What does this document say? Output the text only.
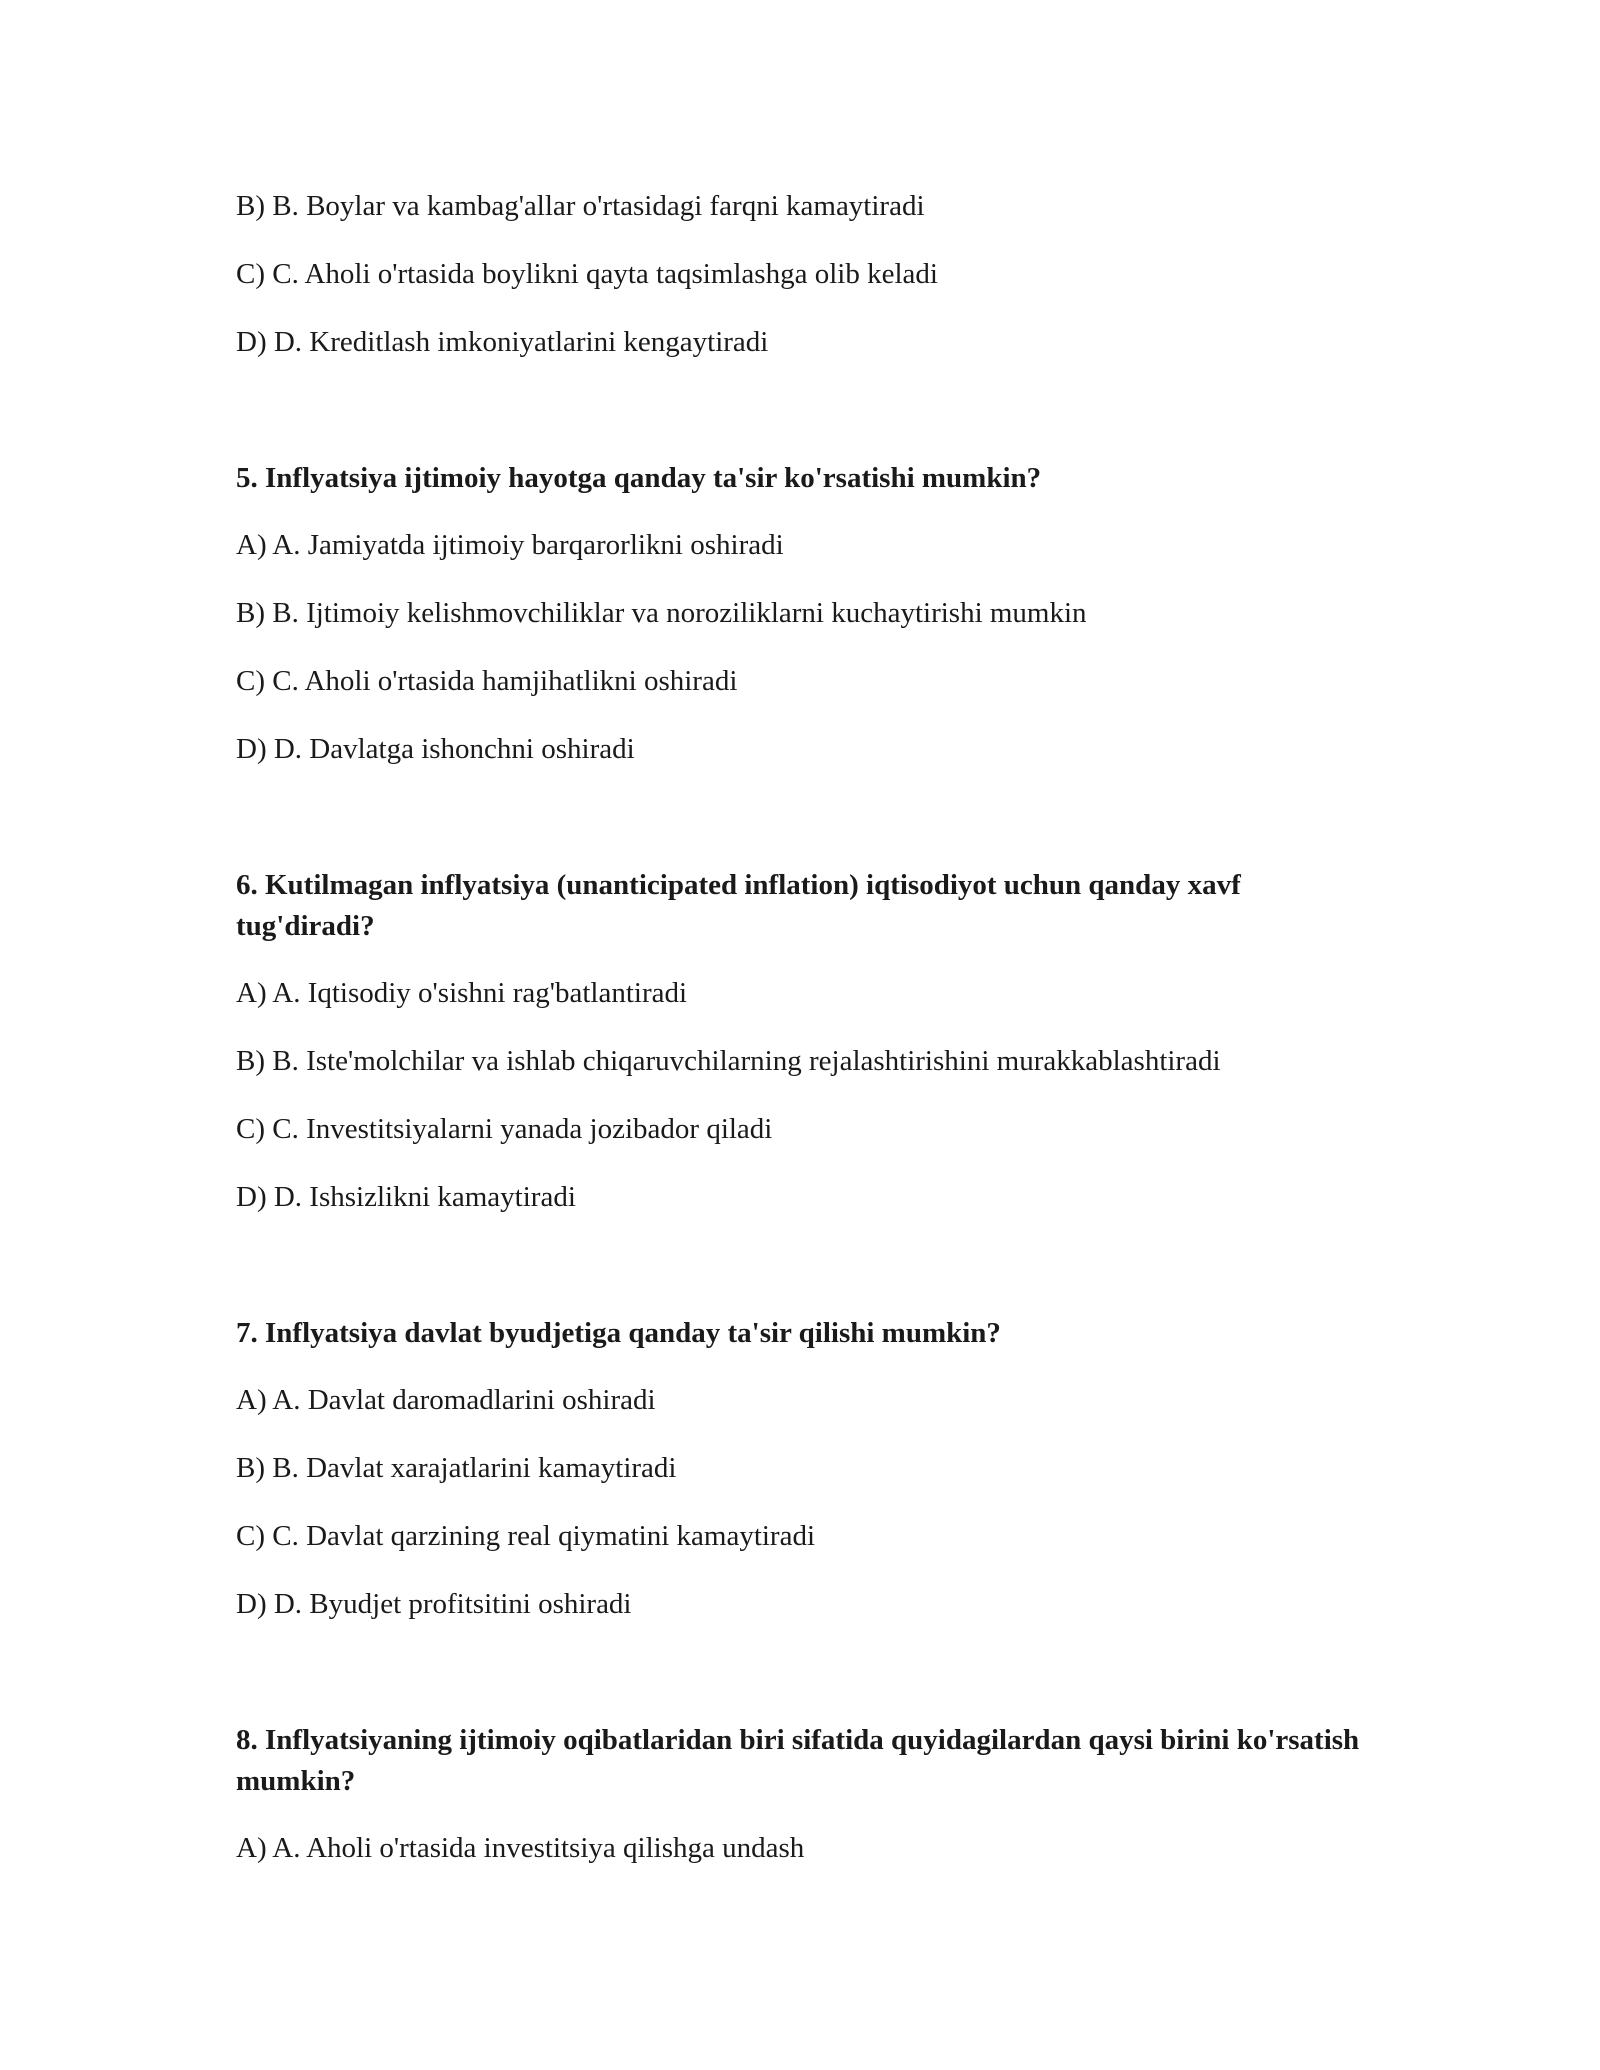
B) B. Boylar va kambag'allar o'rtasidagi farqni kamaytiradi
C) C. Aholi o'rtasida boylikni qayta taqsimlashga olib keladi
D) D. Kreditlash imkoniyatlarini kengaytiradi
5. Inflyatsiya ijtimoiy hayotga qanday ta'sir ko'rsatishi mumkin?
A) A. Jamiyatda ijtimoiy barqarorlikni oshiradi
B) B. Ijtimoiy kelishmovchiliklar va noroziliklarni kuchaytirishi mumkin
C) C. Aholi o'rtasida hamjihatlikni oshiradi
D) D. Davlatga ishonchni oshiradi
6. Kutilmagan inflyatsiya (unanticipated inflation) iqtisodiyot uchun qanday xavf tug'diradi?
A) A. Iqtisodiy o'sishni rag'batlantiradi
B) B. Iste'molchilar va ishlab chiqaruvchilarning rejalashtirishini murakkablashtiradi
C) C. Investitsiyalarni yanada jozibador qiladi
D) D. Ishsizlikni kamaytiradi
7. Inflyatsiya davlat byudjetiga qanday ta'sir qilishi mumkin?
A) A. Davlat daromadlarini oshiradi
B) B. Davlat xarajatlarini kamaytiradi
C) C. Davlat qarzining real qiymatini kamaytiradi
D) D. Byudjet profitsitini oshiradi
8. Inflyatsiyaning ijtimoiy oqibatlaridan biri sifatida quyidagilardan qaysi birini ko'rsatish mumkin?
A) A. Aholi o'rtasida investitsiya qilishga undash
